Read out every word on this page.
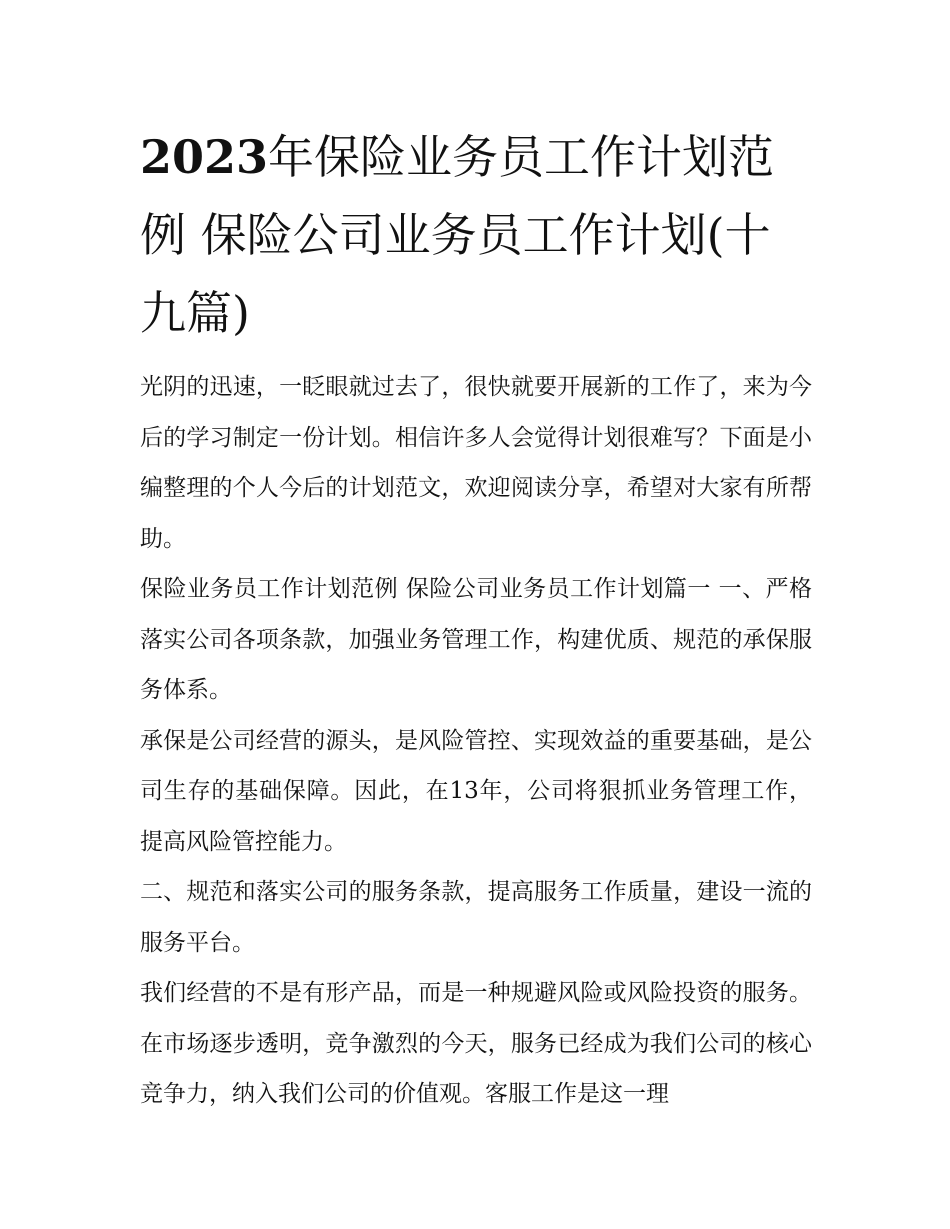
2023年保险业务员工作计划范例 保险公司业务员工作计划(十九篇)

光阴的迅速，一眨眼就过去了，很快就要开展新的工作了，来为今后的学习制定一份计划。相信许多人会觉得计划很难写？下面是小编整理的个人今后的计划范文，欢迎阅读分享，希望对大家有所帮助。

保险业务员工作计划范例 保险公司业务员工作计划篇一 一、严格落实公司各项条款，加强业务管理工作，构建优质、规范的承保服务体系。

承保是公司经营的源头，是风险管控、实现效益的重要基础，是公司生存的基础保障。因此，在13年，公司将狠抓业务管理工作，提高风险管控能力。

二、规范和落实公司的服务条款，提高服务工作质量，建设一流的服务平台。

我们经营的不是有形产品，而是一种规避风险或风险投资的服务。在市场逐步透明，竞争激烈的今天，服务已经成为我们公司的核心竞争力，纳入我们公司的价值观。客服工作是这一理
